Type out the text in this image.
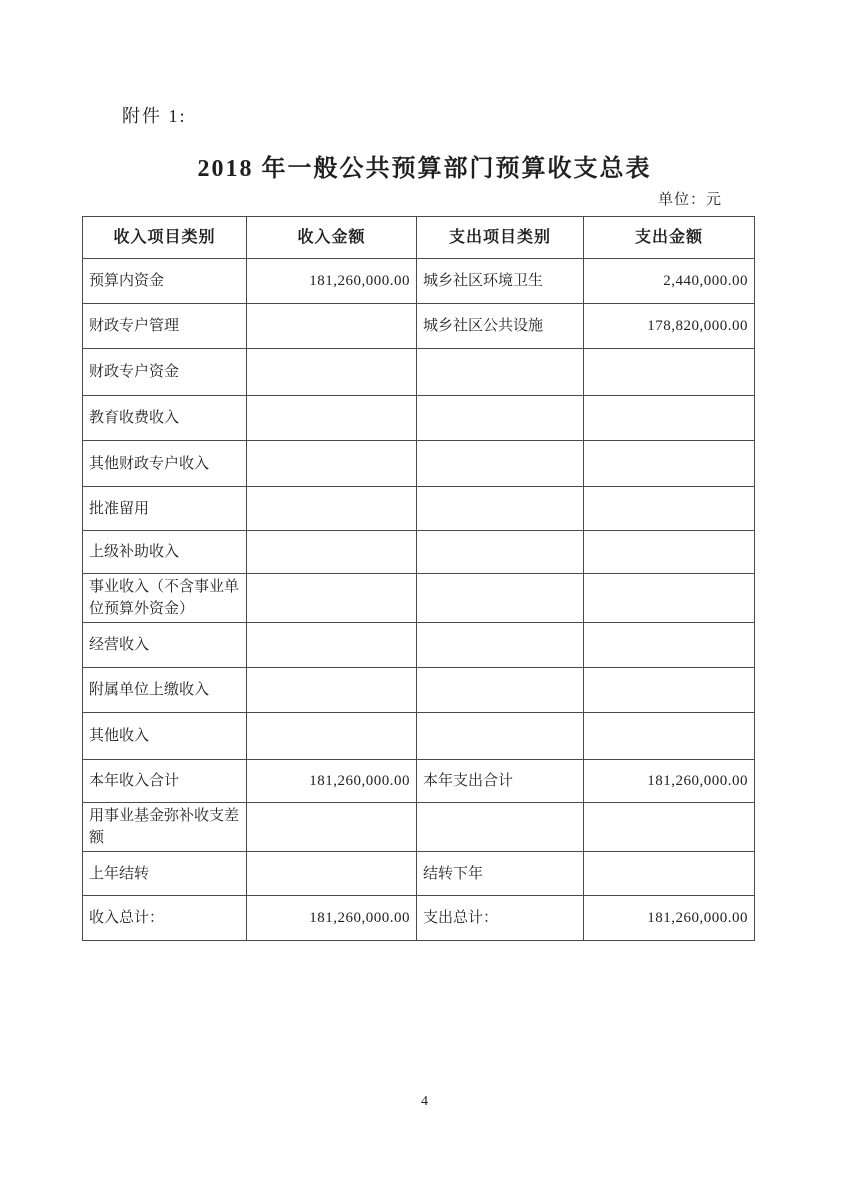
附件 1:
2018 年一般公共预算部门预算收支总表
单位：元
收入项目类别	收入金额	支出项目类别	支出金额
预算内资金	181,260,000.00	城乡社区环境卫生	2,440,000.00
财政专户管理		城乡社区公共设施	178,820,000.00
财政专户资金			
教育收费收入			
其他财政专户收入			
批准留用			
上级补助收入			
事业收入（不含事业单位预算外资金）			
经营收入			
附属单位上缴收入			
其他收入			
本年收入合计	181,260,000.00	本年支出合计	181,260,000.00
用事业基金弥补收支差额			
上年结转		结转下年	
收入总计：	181,260,000.00	支出总计：	181,260,000.00
4
